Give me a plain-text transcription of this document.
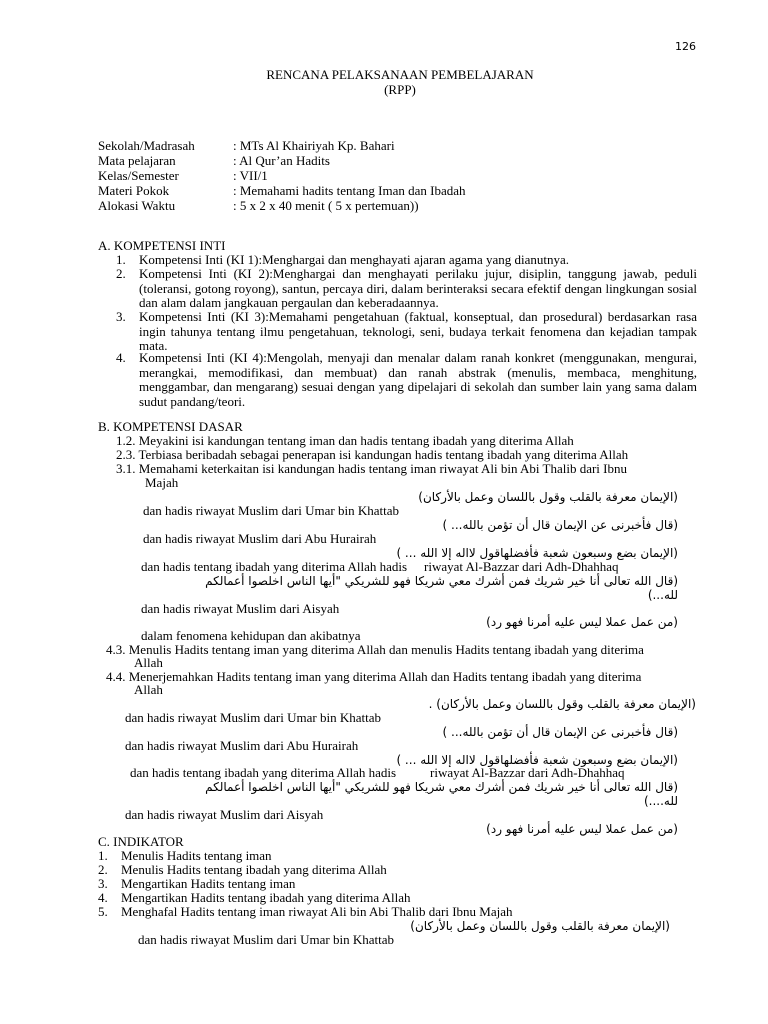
126
RENCANA PELAKSANAAN PEMBELAJARAN
(RPP)
Sekolah/Madrasah	: MTs Al Khairiyah Kp. Bahari
Mata pelajaran	: Al Qur’an Hadits
Kelas/Semester	: VII/1
Materi Pokok	: Memahami hadits tentang Iman dan Ibadah
Alokasi Waktu	: 5 x 2 x 40 menit ( 5 x pertemuan))
A. KOMPETENSI INTI
1. Kompetensi Inti (KI 1):Menghargai dan menghayati ajaran agama yang dianutnya.
2. Kompetensi Inti (KI 2):Menghargai dan menghayati perilaku jujur, disiplin, tanggung jawab, peduli (toleransi, gotong royong), santun, percaya diri, dalam berinteraksi secara efektif dengan lingkungan sosial dan alam dalam jangkauan pergaulan dan keberadaannya.
3. Kompetensi Inti (KI 3):Memahami pengetahuan (faktual, konseptual, dan prosedural) berdasarkan rasa ingin tahunya tentang ilmu pengetahuan, teknologi, seni, budaya terkait fenomena dan kejadian tampak mata.
4. Kompetensi Inti (KI 4):Mengolah, menyaji dan menalar dalam ranah konkret (menggunakan, mengurai, merangkai, memodifikasi, dan membuat) dan ranah abstrak (menulis, membaca, menghitung, menggambar, dan mengarang) sesuai dengan yang dipelajari di sekolah dan sumber lain yang sama dalam sudut pandang/teori.
B. KOMPETENSI DASAR
1.2. Meyakini isi kandungan tentang iman dan hadis tentang ibadah yang diterima Allah
2.3. Terbiasa beribadah sebagai penerapan isi kandungan hadis tentang ibadah yang diterima Allah
3.1. Memahami keterkaitan isi kandungan hadis tentang iman riwayat Ali bin Abi Thalib dari Ibnu
Majah
(الإيمان معرفة بالقلب وقول باللسان وعمل بالأركان)
dan hadis riwayat Muslim dari Umar bin Khattab
(قال فأخبرنى عن الإيمان قال أن تؤمن بالله... )
dan hadis riwayat Muslim dari Abu Hurairah
(الإيمان بضع وسبعون شعبة فأفضلهاقول لااله إلا الله ... )
dan hadis tentang ibadah yang diterima Allah hadis riwayat Al-Bazzar dari Adh-Dhahhaq
(قال الله تعالى أنا خير شريك فمن أشرك معي شريكا فهو للشريكي "أيها الناس اخلصوا أعمالكم
لله...)
dan hadis riwayat Muslim dari Aisyah
(من عمل عملا ليس عليه أمرنا فهو رد)
dalam fenomena kehidupan dan akibatnya
4.3. Menulis Hadits tentang iman yang diterima Allah dan menulis Hadits tentang ibadah yang diterima
Allah
4.4. Menerjemahkan Hadits tentang iman yang diterima Allah dan Hadits tentang ibadah yang diterima
Allah
(الإيمان معرفة بالقلب وقول باللسان وعمل بالأركان) .
dan hadis riwayat Muslim dari Umar bin Khattab
(قال فأخبرنى عن الإيمان قال أن تؤمن بالله... )
dan hadis riwayat Muslim dari Abu Hurairah
(الإيمان بضع وسبعون شعبة فأفضلهاقول لااله إلا الله ... )
dan hadis tentang ibadah yang diterima Allah hadis	riwayat Al-Bazzar dari Adh-Dhahhaq
(قال الله تعالى أنا خير شريك فمن أشرك معي شريكا فهو للشريكي "أيها الناس اخلصوا أعمالكم
لله....)
dan hadis riwayat Muslim dari Aisyah
(من عمل عملا ليس عليه أمرنا فهو رد)
C. INDIKATOR
1. Menulis Hadits tentang iman
2. Menulis Hadits tentang ibadah yang diterima Allah
3. Mengartikan Hadits tentang iman
4. Mengartikan Hadits tentang ibadah yang diterima Allah
5. Menghafal Hadits tentang iman riwayat Ali bin Abi Thalib dari Ibnu Majah
(الإيمان معرفة بالقلب وقول باللسان وعمل بالأركان)
dan hadis riwayat Muslim dari Umar bin Khattab
